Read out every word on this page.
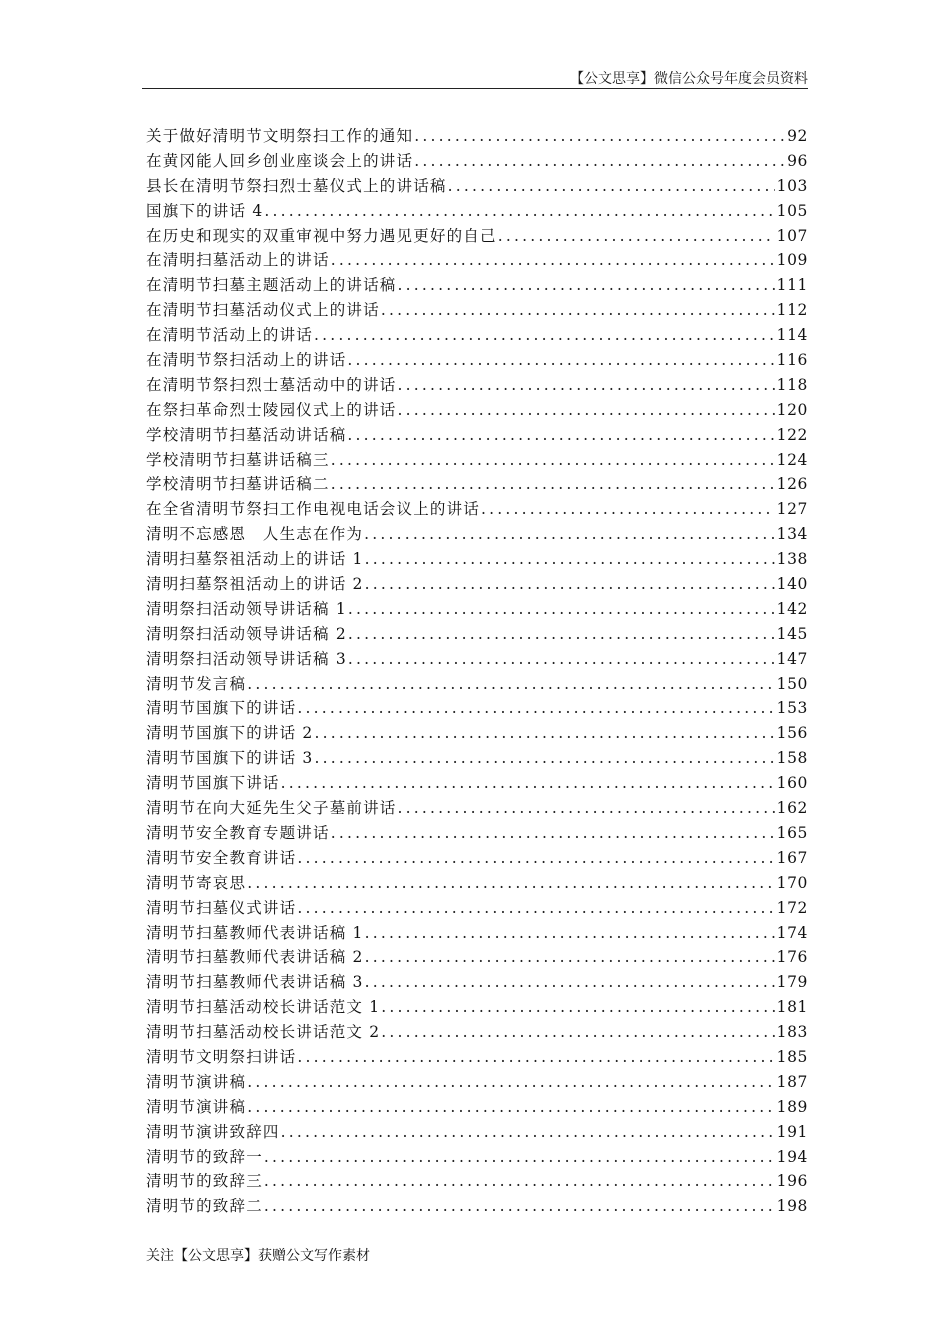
【公文思享】微信公众号年度会员资料
关于做好清明节文明祭扫工作的通知 .....	92
在黄冈能人回乡创业座谈会上的讲话 .....	96
县长在清明节祭扫烈士墓仪式上的讲话稿 .....	103
国旗下的讲话 4 .....	105
在历史和现实的双重审视中努力遇见更好的自己 .....	107
在清明扫墓活动上的讲话 .....	109
在清明节扫墓主题活动上的讲话稿 .....	111
在清明节扫墓活动仪式上的讲话 .....	112
在清明节活动上的讲话 .....	114
在清明节祭扫活动上的讲话 .....	116
在清明节祭扫烈士墓活动中的讲话 .....	118
在祭扫革命烈士陵园仪式上的讲话 .....	120
学校清明节扫墓活动讲话稿 .....	122
学校清明节扫墓讲话稿三 .....	124
学校清明节扫墓讲话稿二 .....	126
在全省清明节祭扫工作电视电话会议上的讲话 .....	127
清明不忘感恩　人生志在作为 .....	134
清明扫墓祭祖活动上的讲话 1 .....	138
清明扫墓祭祖活动上的讲话 2 .....	140
清明祭扫活动领导讲话稿 1 .....	142
清明祭扫活动领导讲话稿 2 .....	145
清明祭扫活动领导讲话稿 3 .....	147
清明节发言稿 .....	150
清明节国旗下的讲话 .....	153
清明节国旗下的讲话 2 .....	156
清明节国旗下的讲话 3 .....	158
清明节国旗下讲话 .....	160
清明节在向大延先生父子墓前讲话 .....	162
清明节安全教育专题讲话 .....	165
清明节安全教育讲话 .....	167
清明节寄哀思 .....	170
清明节扫墓仪式讲话 .....	172
清明节扫墓教师代表讲话稿 1 .....	174
清明节扫墓教师代表讲话稿 2 .....	176
清明节扫墓教师代表讲话稿 3 .....	179
清明节扫墓活动校长讲话范文 1 .....	181
清明节扫墓活动校长讲话范文 2 .....	183
清明节文明祭扫讲话 .....	185
清明节演讲稿 .....	187
清明节演讲稿 .....	189
清明节演讲致辞四 .....	191
清明节的致辞一 .....	194
清明节的致辞三 .....	196
清明节的致辞二 .....	198
关注【公文思享】获赠公文写作素材
